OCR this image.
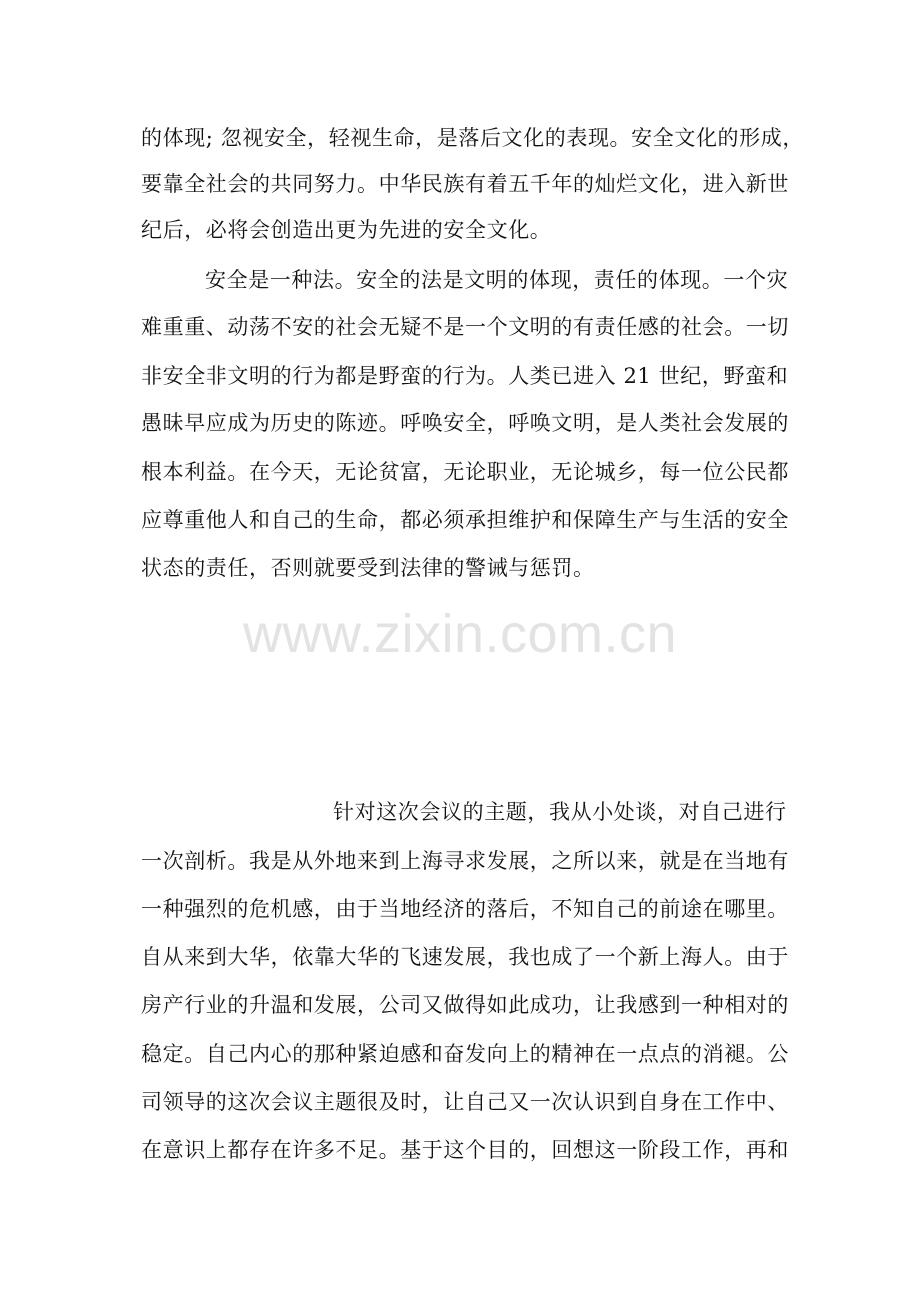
的体现; 忽视安全，轻视生命，是落后文化的表现。安全文化的形成，
要靠全社会的共同努力。中华民族有着五千年的灿烂文化，进入新世
纪后，必将会创造出更为先进的安全文化。
安全是一种法。安全的法是文明的体现，责任的体现。一个灾
难重重、动荡不安的社会无疑不是一个文明的有责任感的社会。一切
非安全非文明的行为都是野蛮的行为。人类已进入 21 世纪，野蛮和
愚昧早应成为历史的陈迹。呼唤安全，呼唤文明，是人类社会发展的
根本利益。在今天，无论贫富，无论职业，无论城乡，每一位公民都
应尊重他人和自己的生命，都必须承担维护和保障生产与生活的安全
状态的责任，否则就要受到法律的警诫与惩罚。
www.zixin.com.cn
针对这次会议的主题，我从小处谈，对自己进行
一次剖析。我是从外地来到上海寻求发展，之所以来，就是在当地有
一种强烈的危机感，由于当地经济的落后，不知自己的前途在哪里。
自从来到大华，依靠大华的飞速发展，我也成了一个新上海人。由于
房产行业的升温和发展，公司又做得如此成功，让我感到一种相对的
稳定。自己内心的那种紧迫感和奋发向上的精神在一点点的消褪。公
司领导的这次会议主题很及时，让自己又一次认识到自身在工作中、
在意识上都存在许多不足。基于这个目的，回想这一阶段工作，再和
